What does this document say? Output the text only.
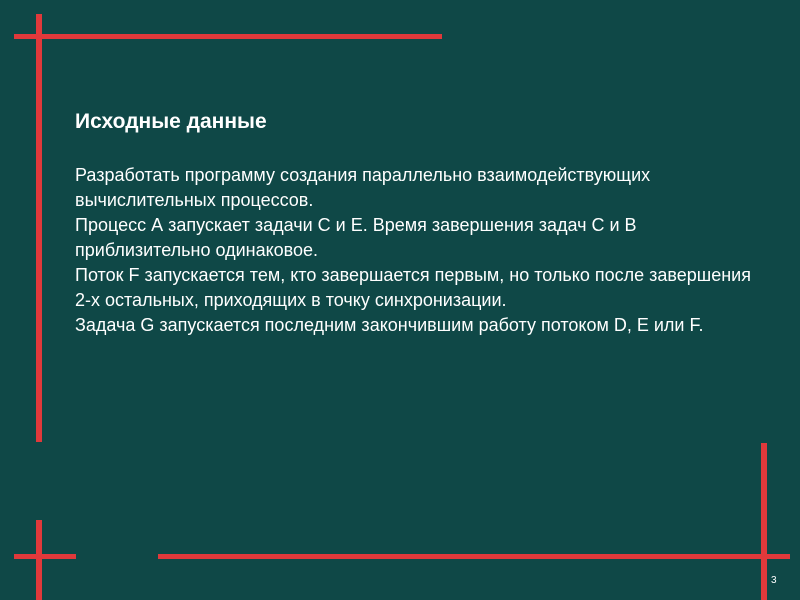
Исходные данные
Разработать программу создания параллельно взаимодействующих вычислительных процессов.
Процесс А запускает задачи С и Е. Время завершения задач С и В приблизительно одинаковое.
Поток F запускается тем, кто завершается первым, но только после завершения 2-х остальных, приходящих в точку синхронизации.
Задача G запускается последним закончившим работу потоком D, E или F.
3
